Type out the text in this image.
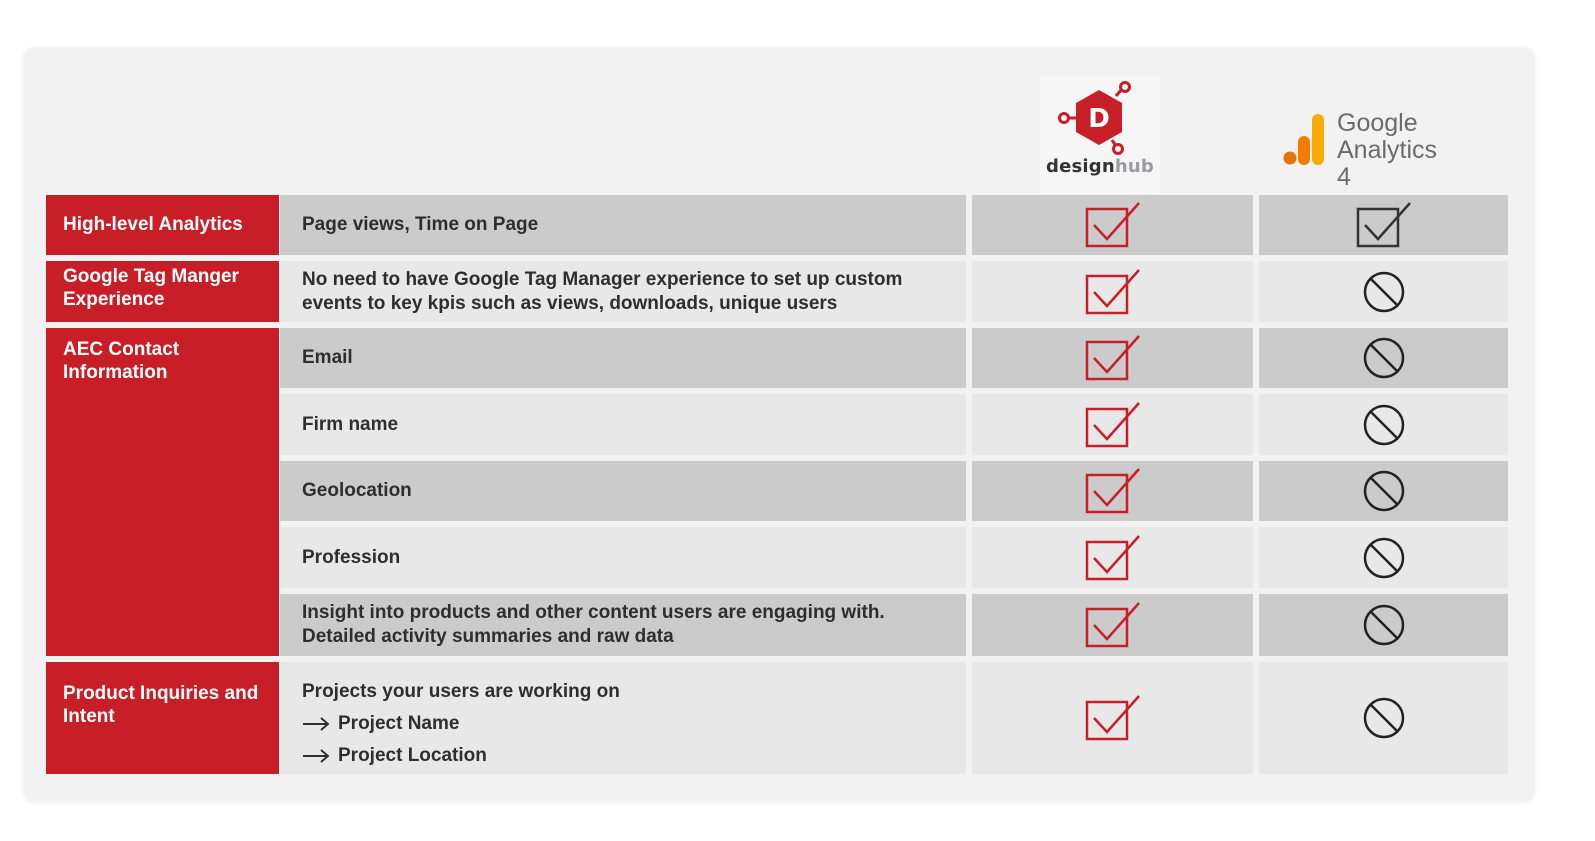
D
designhub
Google
Analytics
4
High-level Analytics
Google Tag Manger Experience
AEC Contact Information
Product Inquiries and Intent
Page views, Time on Page
No need to have Google Tag Manager experience to set up custom events to key kpis such as views, downloads, unique users
Email
Firm name
Geolocation
Profession
Insight into products and other content users are engaging with. Detailed activity summaries and raw data
Projects your users are working on
Project Name
Project Location
